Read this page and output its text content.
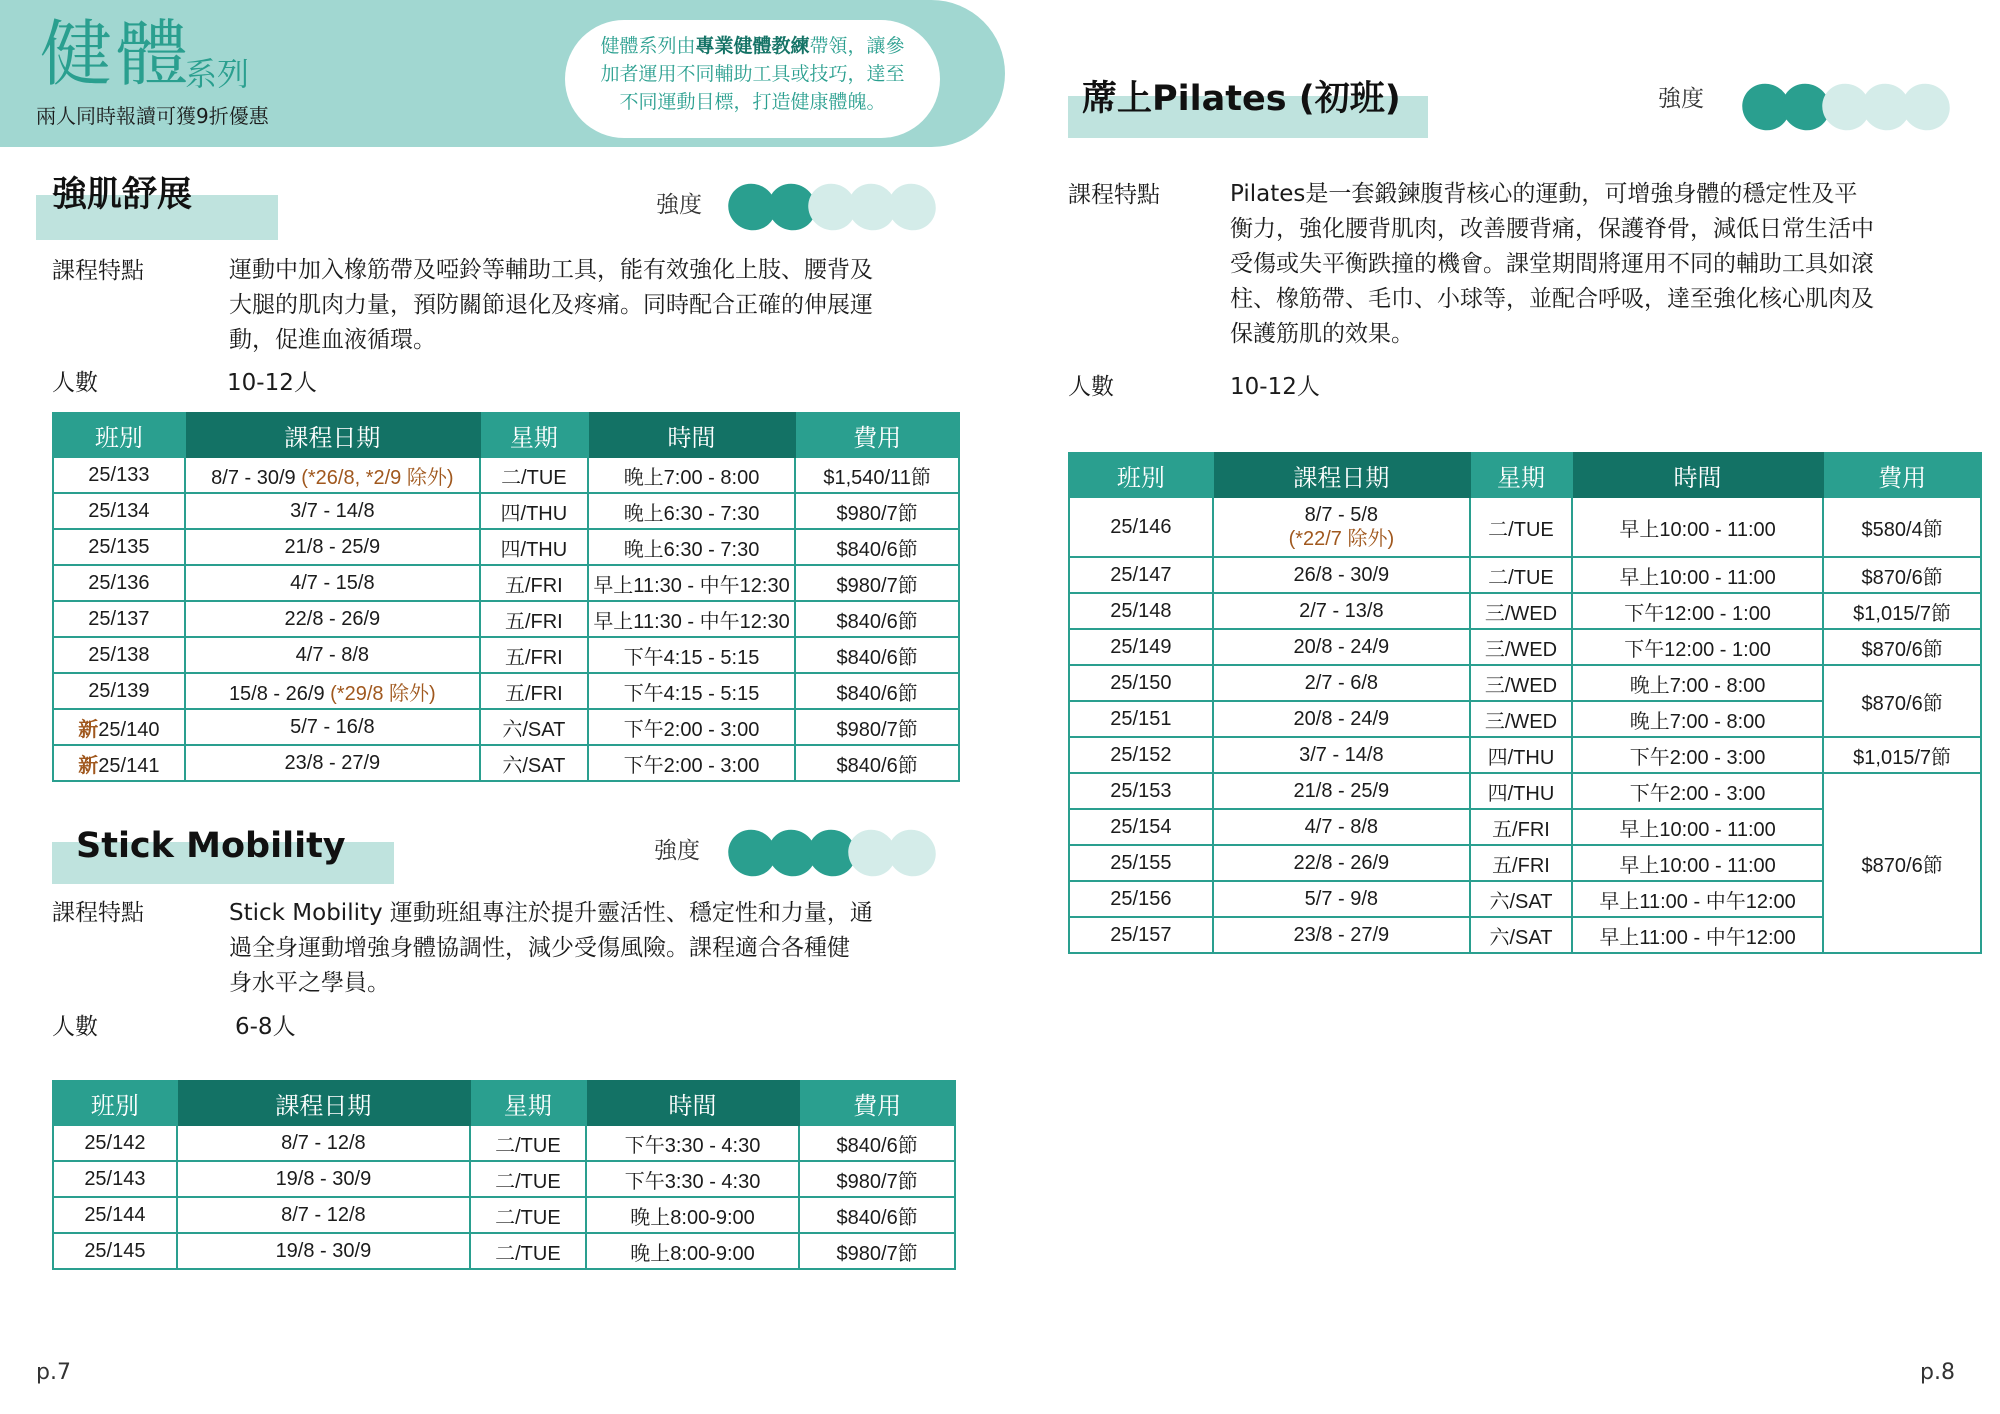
健體
系列
兩人同時報讀可獲9折優惠
健體系列由專業健體教練帶領，讓參
加者運用不同輔助工具或技巧，達至
不同運動目標，打造健康體魄。
強肌舒展	強度
課程特點	運動中加入橡筋帶及啞鈴等輔助工具，能有效強化上肢、腰背及
大腿的肌肉力量，預防關節退化及疼痛。同時配合正確的伸展運
動，促進血液循環。
人數	10-12人
班別	課程日期	星期	時間	費用
25/133	8/7 - 30/9 (*26/8, *2/9 除外)	二/TUE	晚上7:00 - 8:00	$1,540/11節
25/134	3/7 - 14/8	四/THU	晚上6:30 - 7:30	$980/7節
25/135	21/8 - 25/9	四/THU	晚上6:30 - 7:30	$840/6節
25/136	4/7 - 15/8	五/FRI	早上11:30 - 中午12:30	$980/7節
25/137	22/8 - 26/9	五/FRI	早上11:30 - 中午12:30	$840/6節
25/138	4/7 - 8/8	五/FRI	下午4:15 - 5:15	$840/6節
25/139	15/8 - 26/9 (*29/8 除外)	五/FRI	下午4:15 - 5:15	$840/6節
新25/140	5/7 - 16/8	六/SAT	下午2:00 - 3:00	$980/7節
新25/141	23/8 - 27/9	六/SAT	下午2:00 - 3:00	$840/6節
Stick Mobility	強度
課程特點	Stick Mobility 運動班組專注於提升靈活性、穩定性和力量，通
過全身運動增強身體協調性，減少受傷風險。課程適合各種健
身水平之學員。
人數	6-8人
班別	課程日期	星期	時間	費用
25/142	8/7 - 12/8	二/TUE	下午3:30 - 4:30	$840/6節
25/143	19/8 - 30/9	二/TUE	下午3:30 - 4:30	$980/7節
25/144	8/7 - 12/8	二/TUE	晚上8:00-9:00	$840/6節
25/145	19/8 - 30/9	二/TUE	晚上8:00-9:00	$980/7節
蓆上Pilates (初班)	強度
課程特點	Pilates是一套鍛鍊腹背核心的運動，可增強身體的穩定性及平
衡力，強化腰背肌肉，改善腰背痛，保護脊骨，減低日常生活中
受傷或失平衡跌撞的機會。課堂期間將運用不同的輔助工具如滾
柱、橡筋帶、毛巾、小球等，並配合呼吸，達至強化核心肌肉及
保護筋肌的效果。
人數	10-12人
班別	課程日期	星期	時間	費用
25/146	8/7 - 5/8
(*22/7 除外)	二/TUE	早上10:00 - 11:00	$580/4節
25/147	26/8 - 30/9	二/TUE	早上10:00 - 11:00	$870/6節
25/148	2/7 - 13/8	三/WED	下午12:00 - 1:00	$1,015/7節
25/149	20/8 - 24/9	三/WED	下午12:00 - 1:00	$870/6節
25/150	2/7 - 6/8	三/WED	晚上7:00 - 8:00	$870/6節
25/151	20/8 - 24/9	三/WED	晚上7:00 - 8:00	
25/152	3/7 - 14/8	四/THU	下午2:00 - 3:00	$1,015/7節
25/153	21/8 - 25/9	四/THU	下午2:00 - 3:00	$870/6節
25/154	4/7 - 8/8	五/FRI	早上10:00 - 11:00	
25/155	22/8 - 26/9	五/FRI	早上10:00 - 11:00	
25/156	5/7 - 9/8	六/SAT	早上11:00 - 中午12:00	
25/157	23/8 - 27/9	六/SAT	早上11:00 - 中午12:00	
p.7	p.8
